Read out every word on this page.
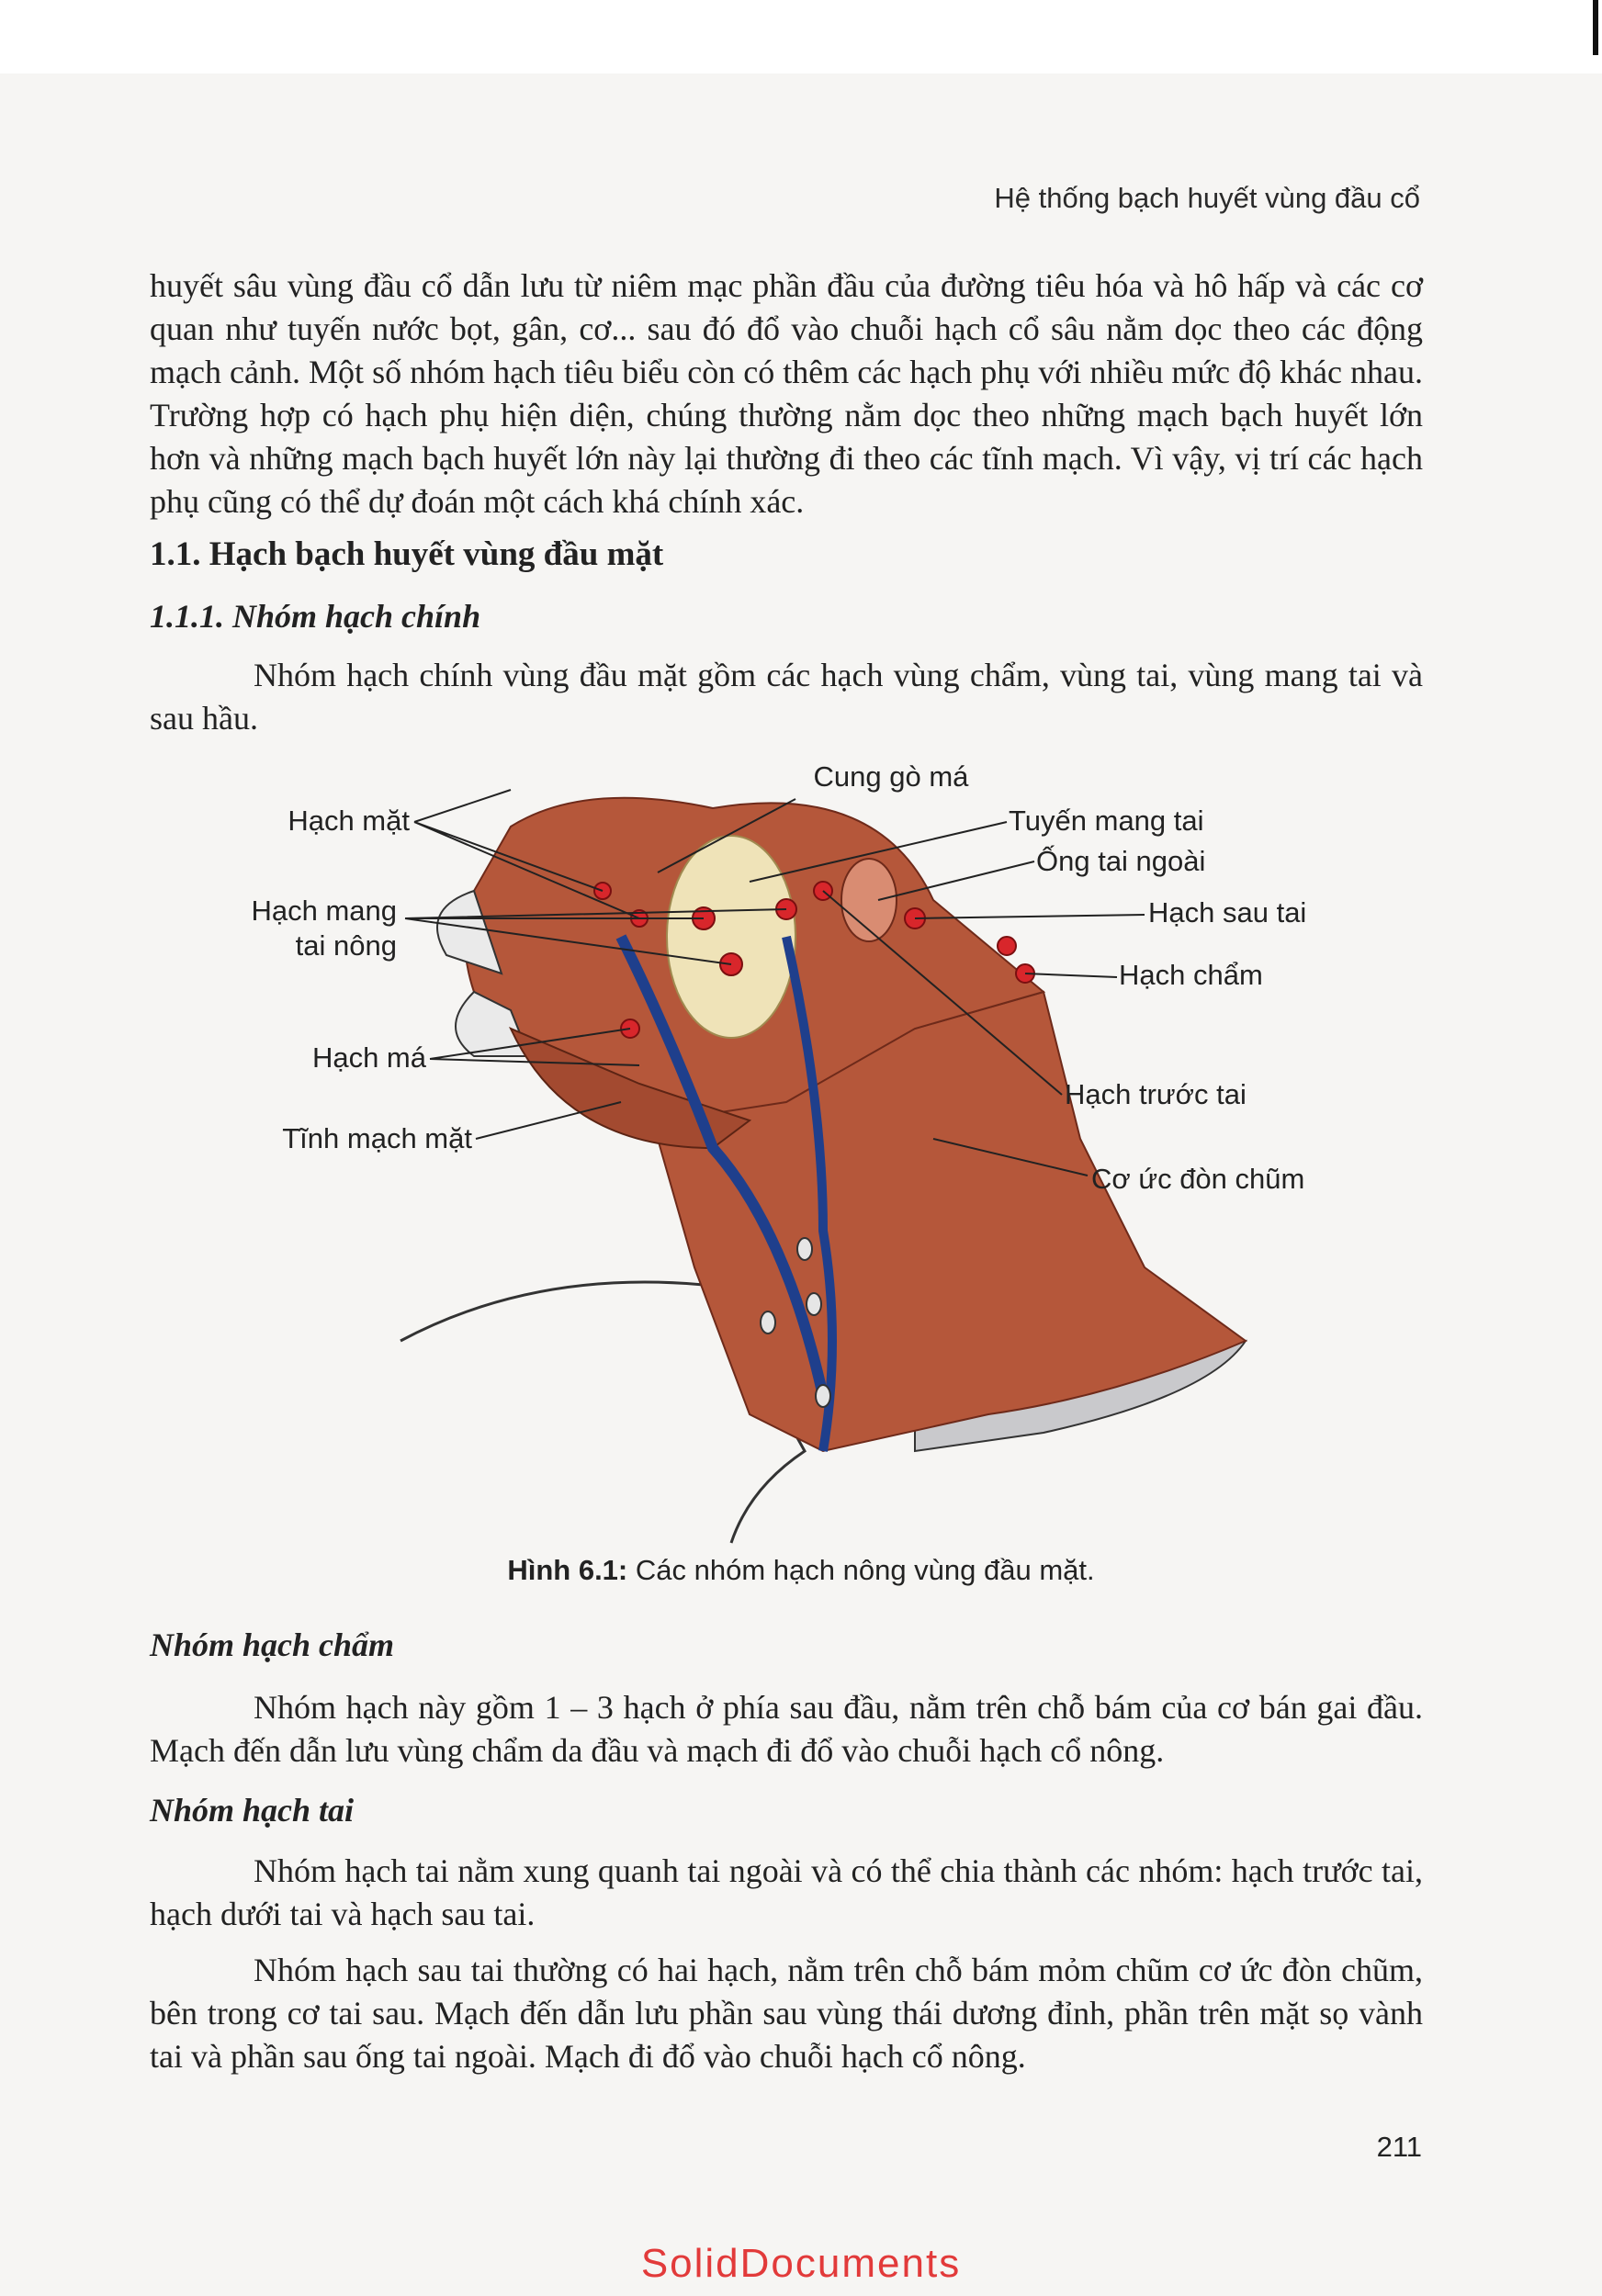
Hệ thống bạch huyết vùng đầu cổ

huyết sâu vùng đầu cổ dẫn lưu từ niêm mạc phần đầu của đường tiêu hóa và hô hấp và các cơ quan như tuyến nước bọt, gân, cơ... sau đó đổ vào chuỗi hạch cổ sâu nằm dọc theo các động mạch cảnh. Một số nhóm hạch tiêu biểu còn có thêm các hạch phụ với nhiều mức độ khác nhau. Trường hợp có hạch phụ hiện diện, chúng thường nằm dọc theo những mạch bạch huyết lớn hơn và những mạch bạch huyết lớn này lại thường đi theo các tĩnh mạch. Vì vậy, vị trí các hạch phụ cũng có thể dự đoán một cách khá chính xác.

1.1. Hạch bạch huyết vùng đầu mặt
1.1.1. Nhóm hạch chính

Nhóm hạch chính vùng đầu mặt gồm các hạch vùng chẩm, vùng tai, vùng mang tai và sau hầu.

Hạch mặt
Hạch mang
tai nông
Hạch má
Tĩnh mạch mặt
Cung gò má
Tuyến mang tai
Ống tai ngoài
Hạch sau tai
Hạch chẩm
Hạch trước tai
Cơ ức đòn chũm
Hình 6.1: Các nhóm hạch nông vùng đầu mặt.
Nhóm hạch chẩm

Nhóm hạch này gồm 1 – 3 hạch ở phía sau đầu, nằm trên chỗ bám của cơ bán gai đầu. Mạch đến dẫn lưu vùng chẩm da đầu và mạch đi đổ vào chuỗi hạch cổ nông.

Nhóm hạch tai

Nhóm hạch tai nằm xung quanh tai ngoài và có thể chia thành các nhóm: hạch trước tai, hạch dưới tai và hạch sau tai.

Nhóm hạch sau tai thường có hai hạch, nằm trên chỗ bám mỏm chũm cơ ức đòn chũm, bên trong cơ tai sau. Mạch đến dẫn lưu phần sau vùng thái dương đỉnh, phần trên mặt sọ vành tai và phần sau ống tai ngoài. Mạch đi đổ vào chuỗi hạch cổ nông.

211
SolidDocuments
